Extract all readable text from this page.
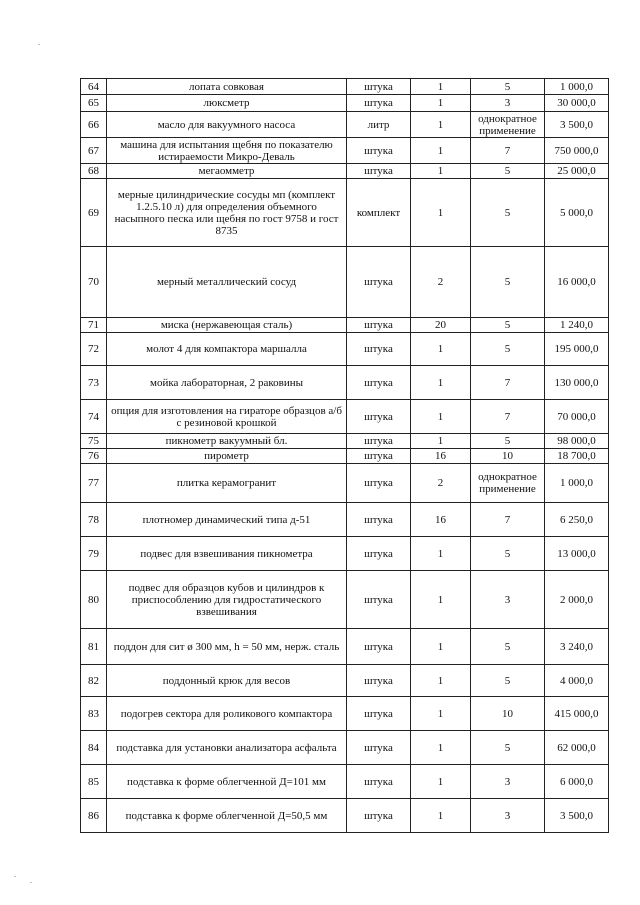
64	лопата совковая	штука	1	5	1 000,0
65	люксметр	штука	1	3	30 000,0
66	масло для вакуумного насоса	литр	1	однократное применение	3 500,0
67	машина для испытания щебня по показателю истираемости Микро-Деваль	штука	1	7	750 000,0
68	мегаомметр	штука	1	5	25 000,0
69	мерные цилиндрические сосуды мп (комплект 1.2.5.10 л) для определения объемного насыпного песка или щебня по гост 9758 и гост 8735	комплект	1	5	5 000,0
70	мерный металлический сосуд	штука	2	5	16 000,0
71	миска (нержавеющая сталь)	штука	20	5	1 240,0
72	молот 4 для компактора маршалла	штука	1	5	195 000,0
73	мойка лабораторная, 2 раковины	штука	1	7	130 000,0
74	опция для изготовления на гираторе образцов а/б с резиновой крошкой	штука	1	7	70 000,0
75	пикнометр вакуумный бл.	штука	1	5	98 000,0
76	пирометр	штука	16	10	18 700,0
77	плитка керамогранит	штука	2	однократное применение	1 000,0
78	плотномер динамический типа д-51	штука	16	7	6 250,0
79	подвес для взвешивания пикнометра	штука	1	5	13 000,0
80	подвес для образцов кубов и цилиндров к приспособлению для гидростатического взвешивания	штука	1	3	2 000,0
81	поддон для сит ø 300 мм, h = 50 мм, нерж. сталь	штука	1	5	3 240,0
82	поддонный крюк для весов	штука	1	5	4 000,0
83	подогрев сектора для роликового компактора	штука	1	10	415 000,0
84	подставка для установки анализатора асфальта	штука	1	5	62 000,0
85	подставка к форме облегченной Д=101 мм	штука	1	3	6 000,0
86	подставка к форме облегченной Д=50,5 мм	штука	1	3	3 500,0
